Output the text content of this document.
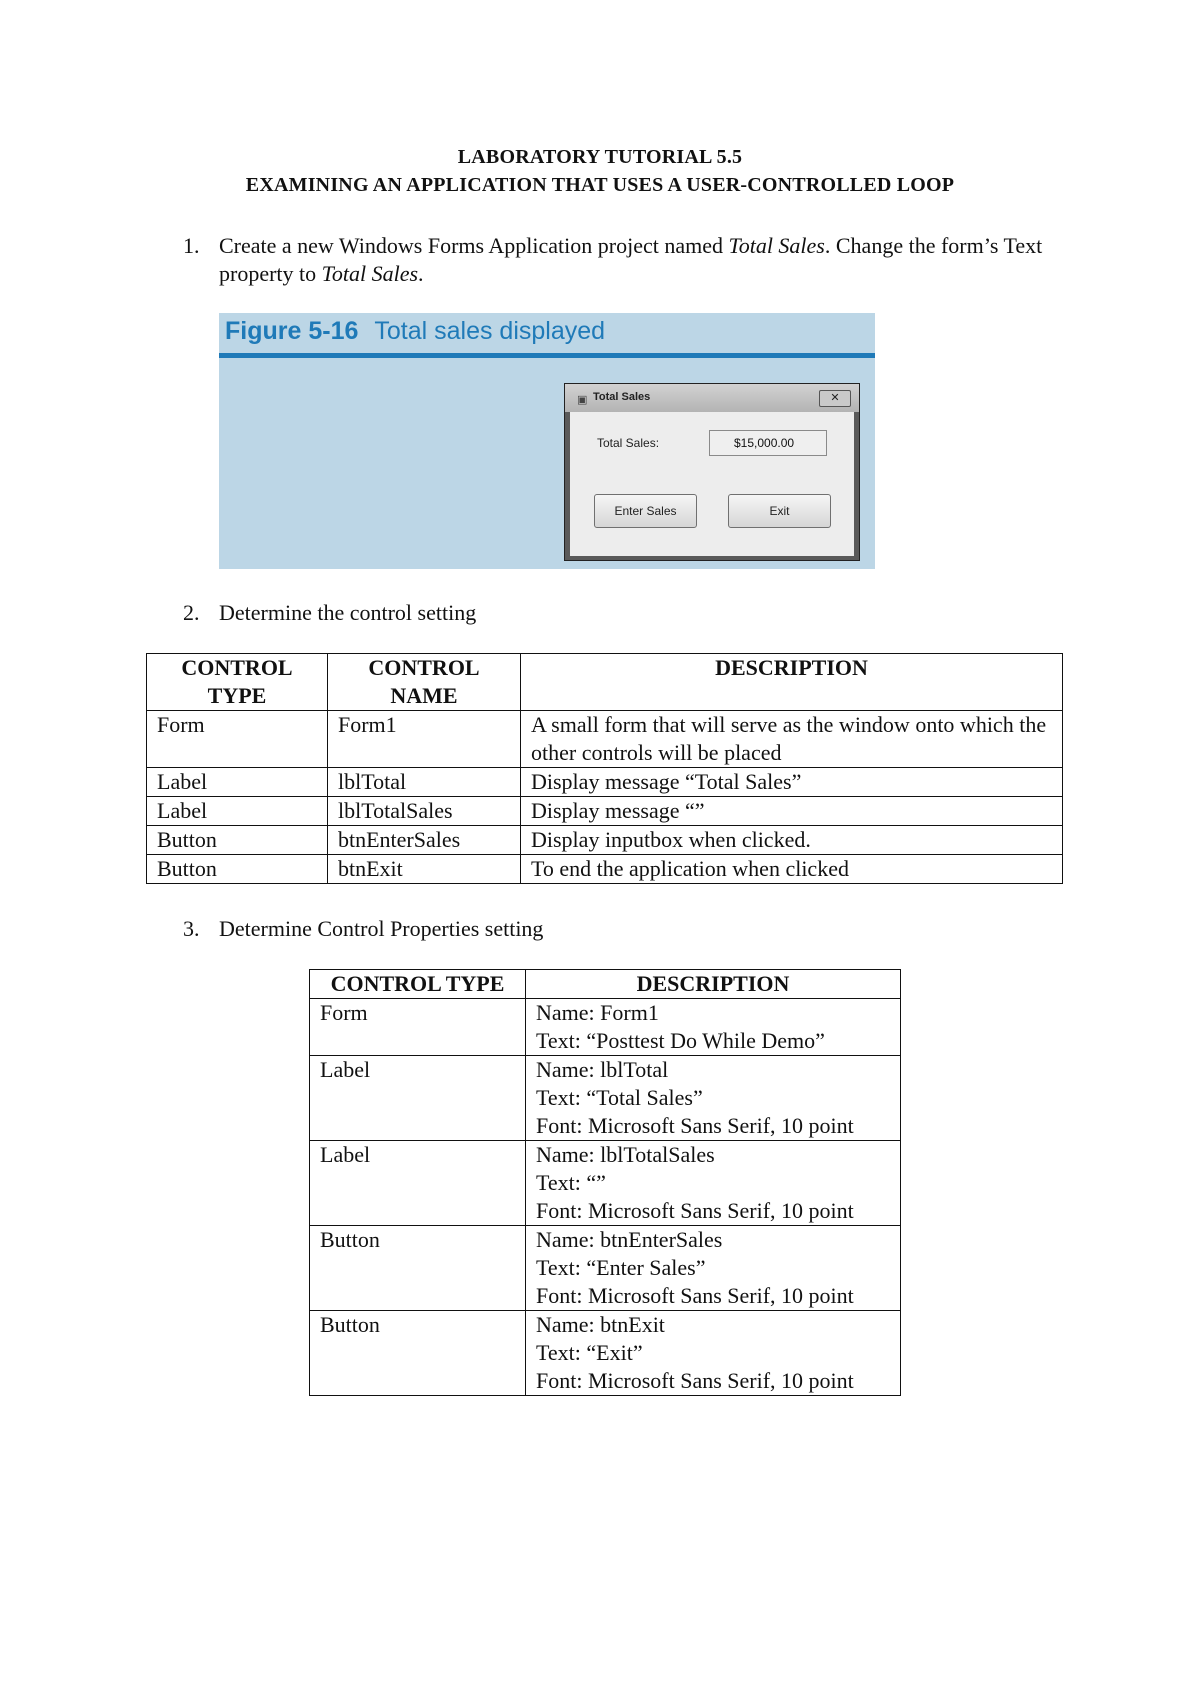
LABORATORY TUTORIAL 5.5
EXAMINING AN APPLICATION THAT USES A USER-CONTROLLED LOOP
1. Create a new Windows Forms Application project named Total Sales. Change the form’s Text property to Total Sales.
Figure 5-16 Total sales displayed
▣ Total Sales	✕
Total Sales:	$15,000.00
Enter Sales	Exit
2. Determine the control setting
CONTROL TYPE	CONTROL NAME	DESCRIPTION
Form	Form1	A small form that will serve as the window onto which the other controls will be placed
Label	lblTotal	Display message “Total Sales”
Label	lblTotalSales	Display message “”
Button	btnEnterSales	Display inputbox when clicked.
Button	btnExit	To end the application when clicked
3. Determine Control Properties setting
CONTROL TYPE	DESCRIPTION
Form	Name: Form1
Text: “Posttest Do While Demo”

Label	Name: lblTotal
Text: “Total Sales”
Font: Microsoft Sans Serif, 10 point

Label	Name: lblTotalSales
Text: “”
Font: Microsoft Sans Serif, 10 point

Button	Name: btnEnterSales
Text: “Enter Sales”
Font: Microsoft Sans Serif, 10 point

Button	Name: btnExit
Text: “Exit”
Font: Microsoft Sans Serif, 10 point
